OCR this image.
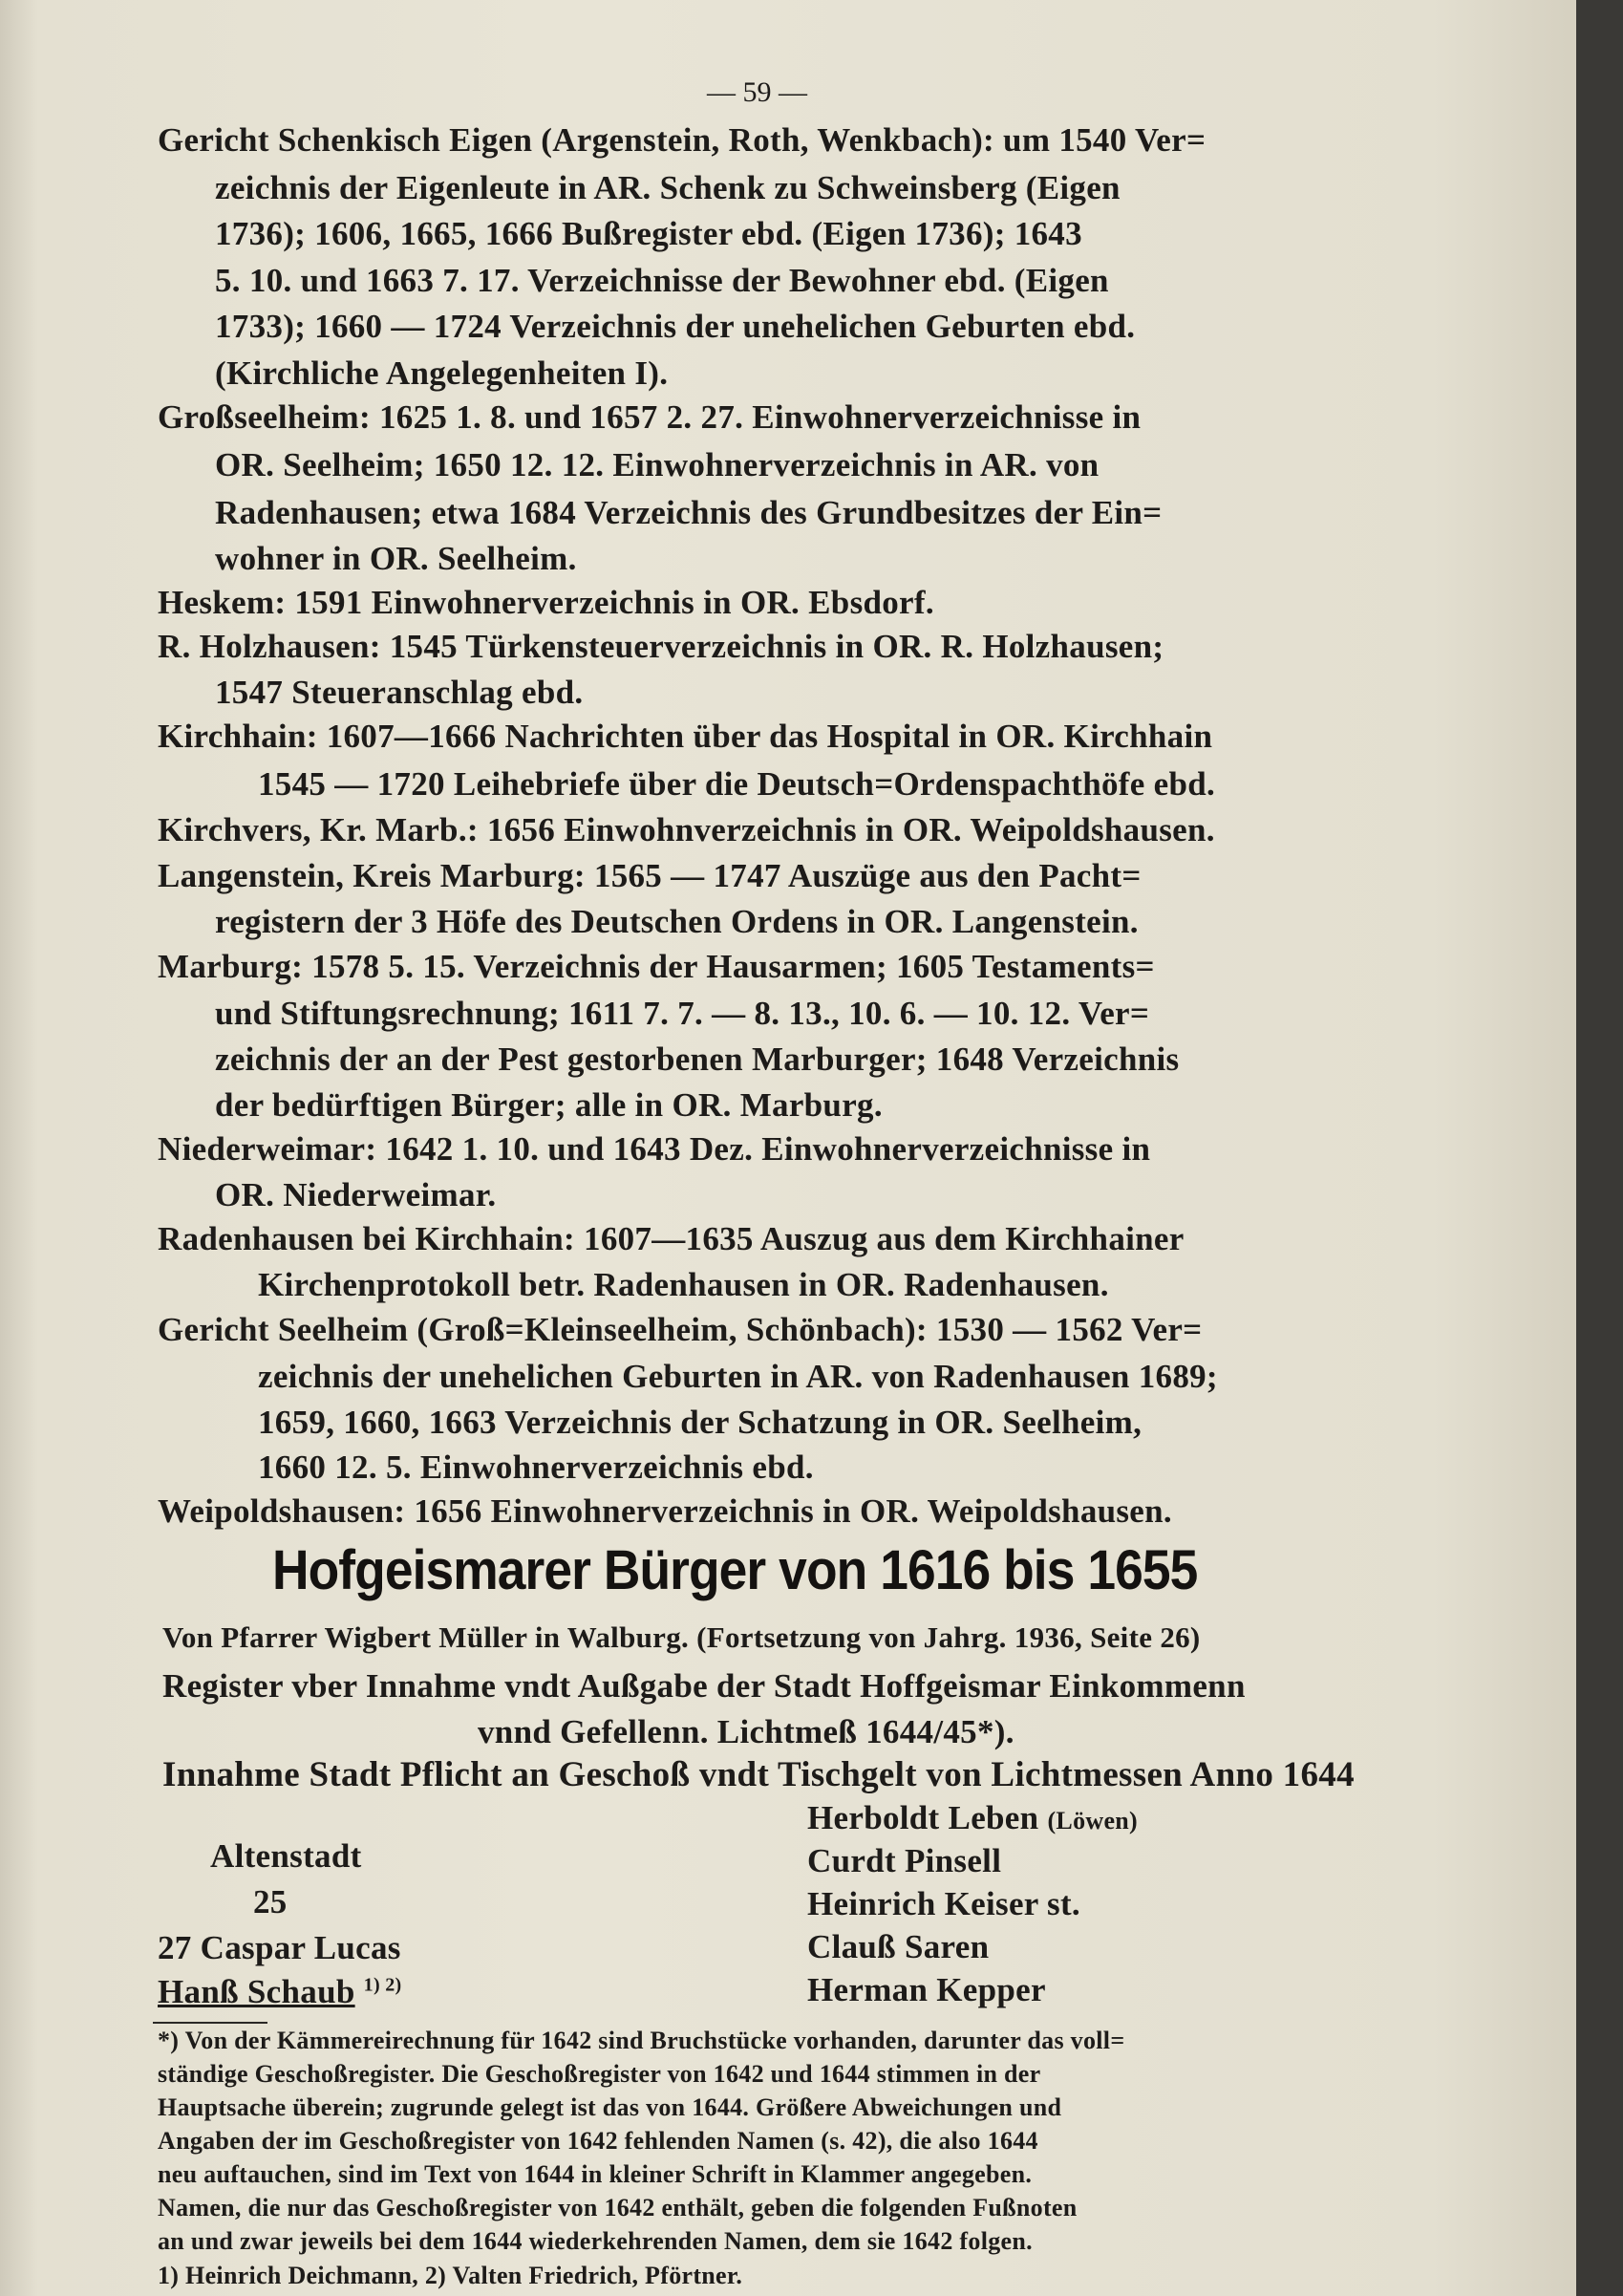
— 59 —
Gericht Schenkisch Eigen (Argenstein, Roth, Wenkbach): um 1540 Ver=
zeichnis der Eigenleute in AR. Schenk zu Schweinsberg (Eigen
1736); 1606, 1665, 1666 Bußregister ebd. (Eigen 1736); 1643
5. 10. und 1663 7. 17. Verzeichnisse der Bewohner ebd. (Eigen
1733); 1660 — 1724 Verzeichnis der unehelichen Geburten ebd.
(Kirchliche Angelegenheiten I).
Großseelheim: 1625 1. 8. und 1657 2. 27. Einwohnerverzeichnisse in
OR. Seelheim; 1650 12. 12. Einwohnerverzeichnis in AR. von
Radenhausen; etwa 1684 Verzeichnis des Grundbesitzes der Ein=
wohner in OR. Seelheim.
Heskem: 1591 Einwohnerverzeichnis in OR. Ebsdorf.
R. Holzhausen: 1545 Türkensteuerverzeichnis in OR. R. Holzhausen;
1547 Steueranschlag ebd.
Kirchhain: 1607—1666 Nachrichten über das Hospital in OR. Kirchhain
1545 — 1720 Leihebriefe über die Deutsch=Ordenspachthöfe ebd.
Kirchvers, Kr. Marb.: 1656 Einwohnverzeichnis in OR. Weipoldshausen.
Langenstein, Kreis Marburg: 1565 — 1747 Auszüge aus den Pacht=
registern der 3 Höfe des Deutschen Ordens in OR. Langenstein.
Marburg: 1578 5. 15. Verzeichnis der Hausarmen; 1605 Testaments=
und Stiftungsrechnung; 1611 7. 7. — 8. 13., 10. 6. — 10. 12. Ver=
zeichnis der an der Pest gestorbenen Marburger; 1648 Verzeichnis
der bedürftigen Bürger; alle in OR. Marburg.
Niederweimar: 1642 1. 10. und 1643 Dez. Einwohnerverzeichnisse in
OR. Niederweimar.
Radenhausen bei Kirchhain: 1607—1635 Auszug aus dem Kirchhainer
Kirchenprotokoll betr. Radenhausen in OR. Radenhausen.
Gericht Seelheim (Groß=Kleinseelheim, Schönbach): 1530 — 1562 Ver=
zeichnis der unehelichen Geburten in AR. von Radenhausen 1689;
1659, 1660, 1663 Verzeichnis der Schatzung in OR. Seelheim,
1660 12. 5. Einwohnerverzeichnis ebd.
Weipoldshausen: 1656 Einwohnerverzeichnis in OR. Weipoldshausen.
Hofgeismarer Bürger von 1616 bis 1655
Von Pfarrer Wigbert Müller in Walburg. (Fortsetzung von Jahrg. 1936, Seite 26)
Register vber Innahme vndt Außgabe der Stadt Hoffgeismar Einkommenn
vnnd Gefellenn. Lichtmeß 1644/45*).
Innahme Stadt Pflicht an Geschoß vndt Tischgelt von Lichtmessen Anno 1644
Altenstadt
25
27 Caspar Lucas
Hanß Schaub $^{1) 2)}$
Herboldt Leben (Löwen)
Curdt Pinsell
Heinrich Keiser st.
Clauß Saren
Herman Kepper
*) Von der Kämmereirechnung für 1642 sind Bruchstücke vorhanden, darunter das voll=
ständige Geschoßregister. Die Geschoßregister von 1642 und 1644 stimmen in der
Hauptsache überein; zugrunde gelegt ist das von 1644. Größere Abweichungen und
Angaben der im Geschoßregister von 1642 fehlenden Namen (s. 42), die also 1644
neu auftauchen, sind im Text von 1644 in kleiner Schrift in Klammer angegeben.
Namen, die nur das Geschoßregister von 1642 enthält, geben die folgenden Fußnoten
an und zwar jeweils bei dem 1644 wiederkehrenden Namen, dem sie 1642 folgen.
1) Heinrich Deichmann, 2) Valten Friedrich, Pförtner.
